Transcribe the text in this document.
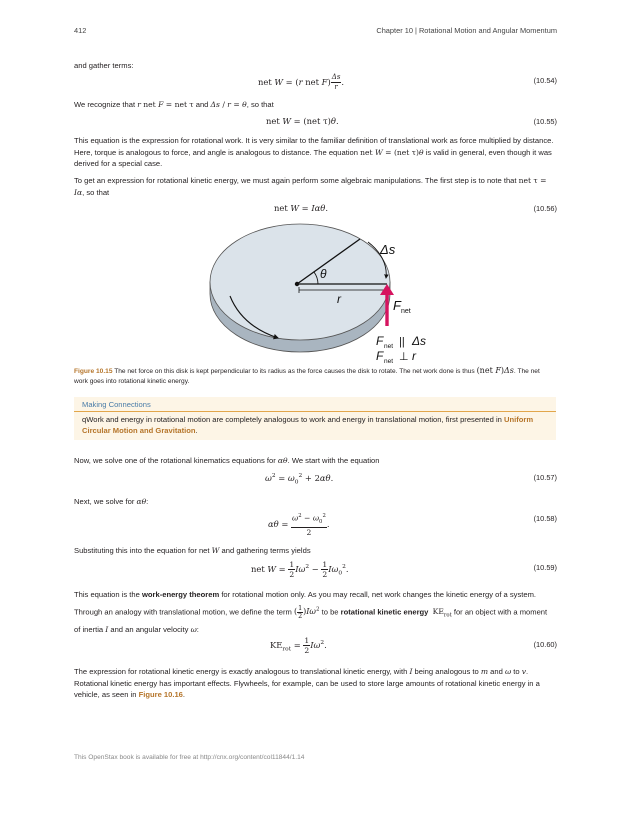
412	Chapter 10 | Rotational Motion and Angular Momentum
and gather terms:
net W = (r net $F) \frac{\Delta s}{r}$ .	(10.54)
We recognize that r net F = net τ and Δs / r = θ, so that
net W = (net τ)θ.	(10.55)
This equation is the expression for rotational work. It is very similar to the familiar definition of translational work as force multiplied by distance. Here, torque is analogous to force, and angle is analogous to distance. The equation net W = (net τ)θ is valid in general, even though it was derived for a special case.
To get an expression for rotational kinetic energy, we must again perform some algebraic manipulations. The first step is to note that net τ = Iα, so that
net W = Iαθ.	(10.56)
Δs
θ
r	F net
F net || Δs
F net ⊥ r
Figure 10.15 The net force on this disk is kept perpendicular to its radius as the force causes the disk to rotate. The net work done is thus (net F)Δs. The net work goes into rotational kinetic energy.
Making Connections
qWork and energy in rotational motion are completely analogous to work and energy in translational motion, first presented in Uniform Circular Motion and Gravitation.
Now, we solve one of the rotational kinematics equations for αθ. We start with the equation
$\omega^2 = \omega_0^2 + 2\alpha\theta$.	(10.57)
Next, we solve for αθ:
$\alpha\theta = \frac{\omega^2 - \omega_0^2}{2}$ .
(10.58)
Substituting this into the equation for net W and gathering terms yields
net $W = \frac{1}{2} I\omega^2 - \frac{1}{2} I\omega_0^2$.	(10.59)
This equation is the work-energy theorem for rotational motion only. As you may recall, net work changes the kinetic energy of a system. Through an analogy with translational motion, we define the term ( $\frac{1}{2} )I\omega^2$ to be rotational kinetic energy $KE_{rot}$ for an object with a moment of inertia I and an angular velocity ω:
$KE_{rot} = \frac{1}{2} I\omega^2$.	(10.60)
The expression for rotational kinetic energy is exactly analogous to translational kinetic energy, with I being analogous to m and ω to v. Rotational kinetic energy has important effects. Flywheels, for example, can be used to store large amounts of rotational kinetic energy in a vehicle, as seen in Figure 10.16.
This OpenStax book is available for free at http://cnx.org/content/col11844/1.14
